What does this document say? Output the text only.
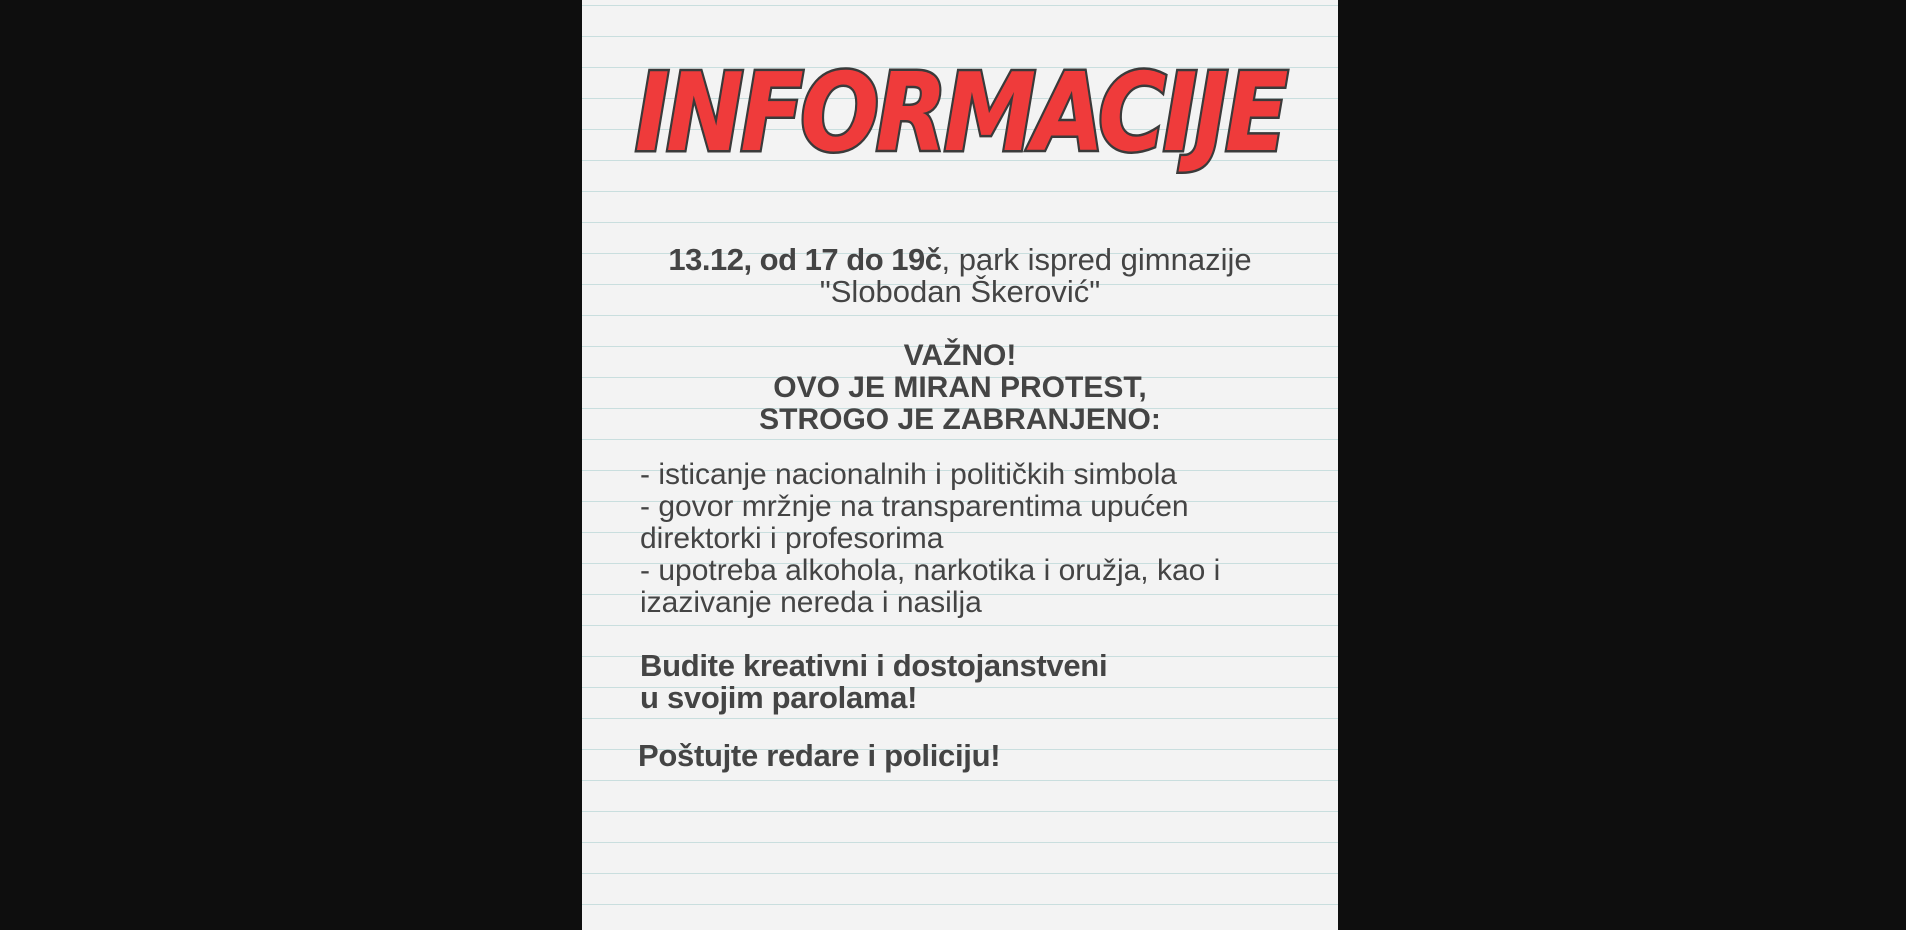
INFORMACIJE
13.12, od 17 do 19č, park ispred gimnazije
"Slobodan Škerović"
VAŽNO!
OVO JE MIRAN PROTEST,
STROGO JE ZABRANJENO:
- isticanje nacionalnih i političkih simbola
- govor mržnje na transparentima upućen direktorki i profesorima
- upotreba alkohola, narkotika i oružja, kao i izazivanje nereda i nasilja
Budite kreativni i dostojanstveni
u svojim parolama!
Poštujte redare i policiju!
